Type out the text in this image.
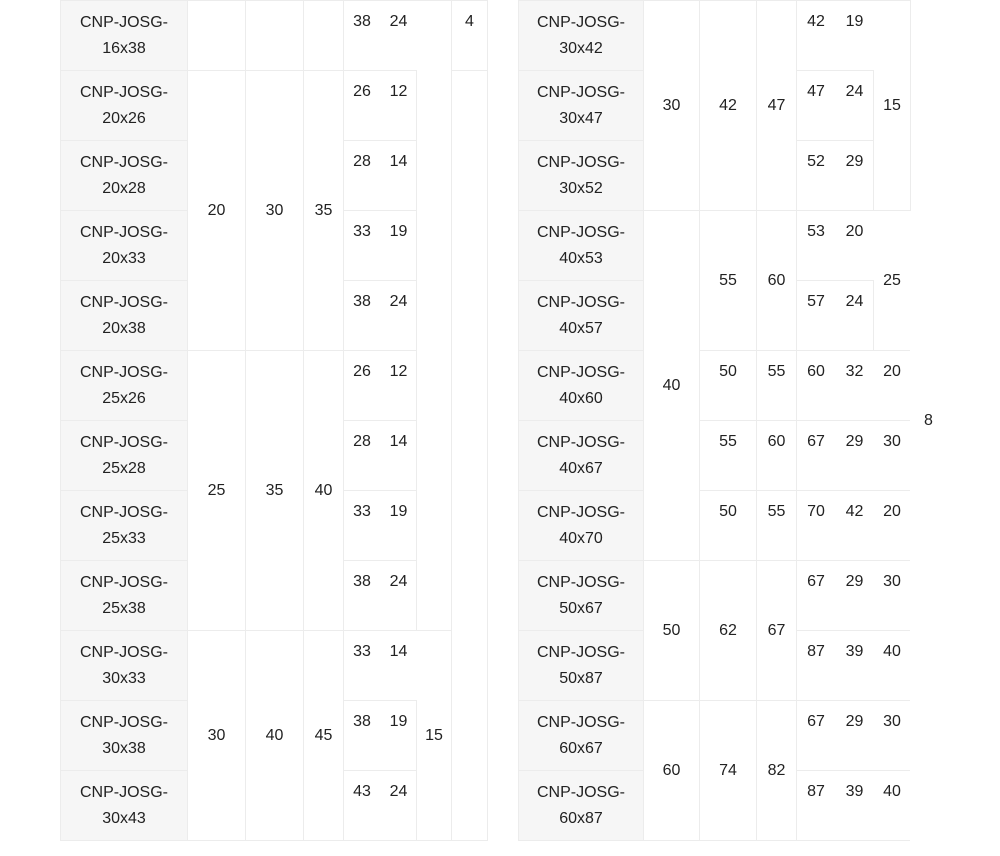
CNP-JOSG-
16x38				38	24		4

CNP-JOSG-
20x26	20	30	35	26	12		

CNP-JOSG-
20x28				28	14		

CNP-JOSG-
20x33				33	19		

CNP-JOSG-
20x38				38	24		

CNP-JOSG-
25x26	25	35	40	26	12		

CNP-JOSG-
25x28				28	14		

CNP-JOSG-
25x33				33	19		

CNP-JOSG-
25x38				38	24		

CNP-JOSG-
30x33	30	40	45	33	14	15	

CNP-JOSG-
30x38				38	19		

CNP-JOSG-
30x43				43	24		
CNP-JOSG-
30x42	30	42	47	42	19	15	8

CNP-JOSG-
30x47				47	24		

CNP-JOSG-
30x52				52	29		

CNP-JOSG-
40x53	40	55	60	53	20	25	

CNP-JOSG-
40x57				57	24		

CNP-JOSG-
40x60		50	55	60	32	20	

CNP-JOSG-
40x67		55	60	67	29	30	

CNP-JOSG-
40x70		50	55	70	42	20	

CNP-JOSG-
50x67	50	62	67	67	29	30	

CNP-JOSG-
50x87				87	39	40	

CNP-JOSG-
60x67	60	74	82	67	29	30	

CNP-JOSG-
60x87				87	39	40	
